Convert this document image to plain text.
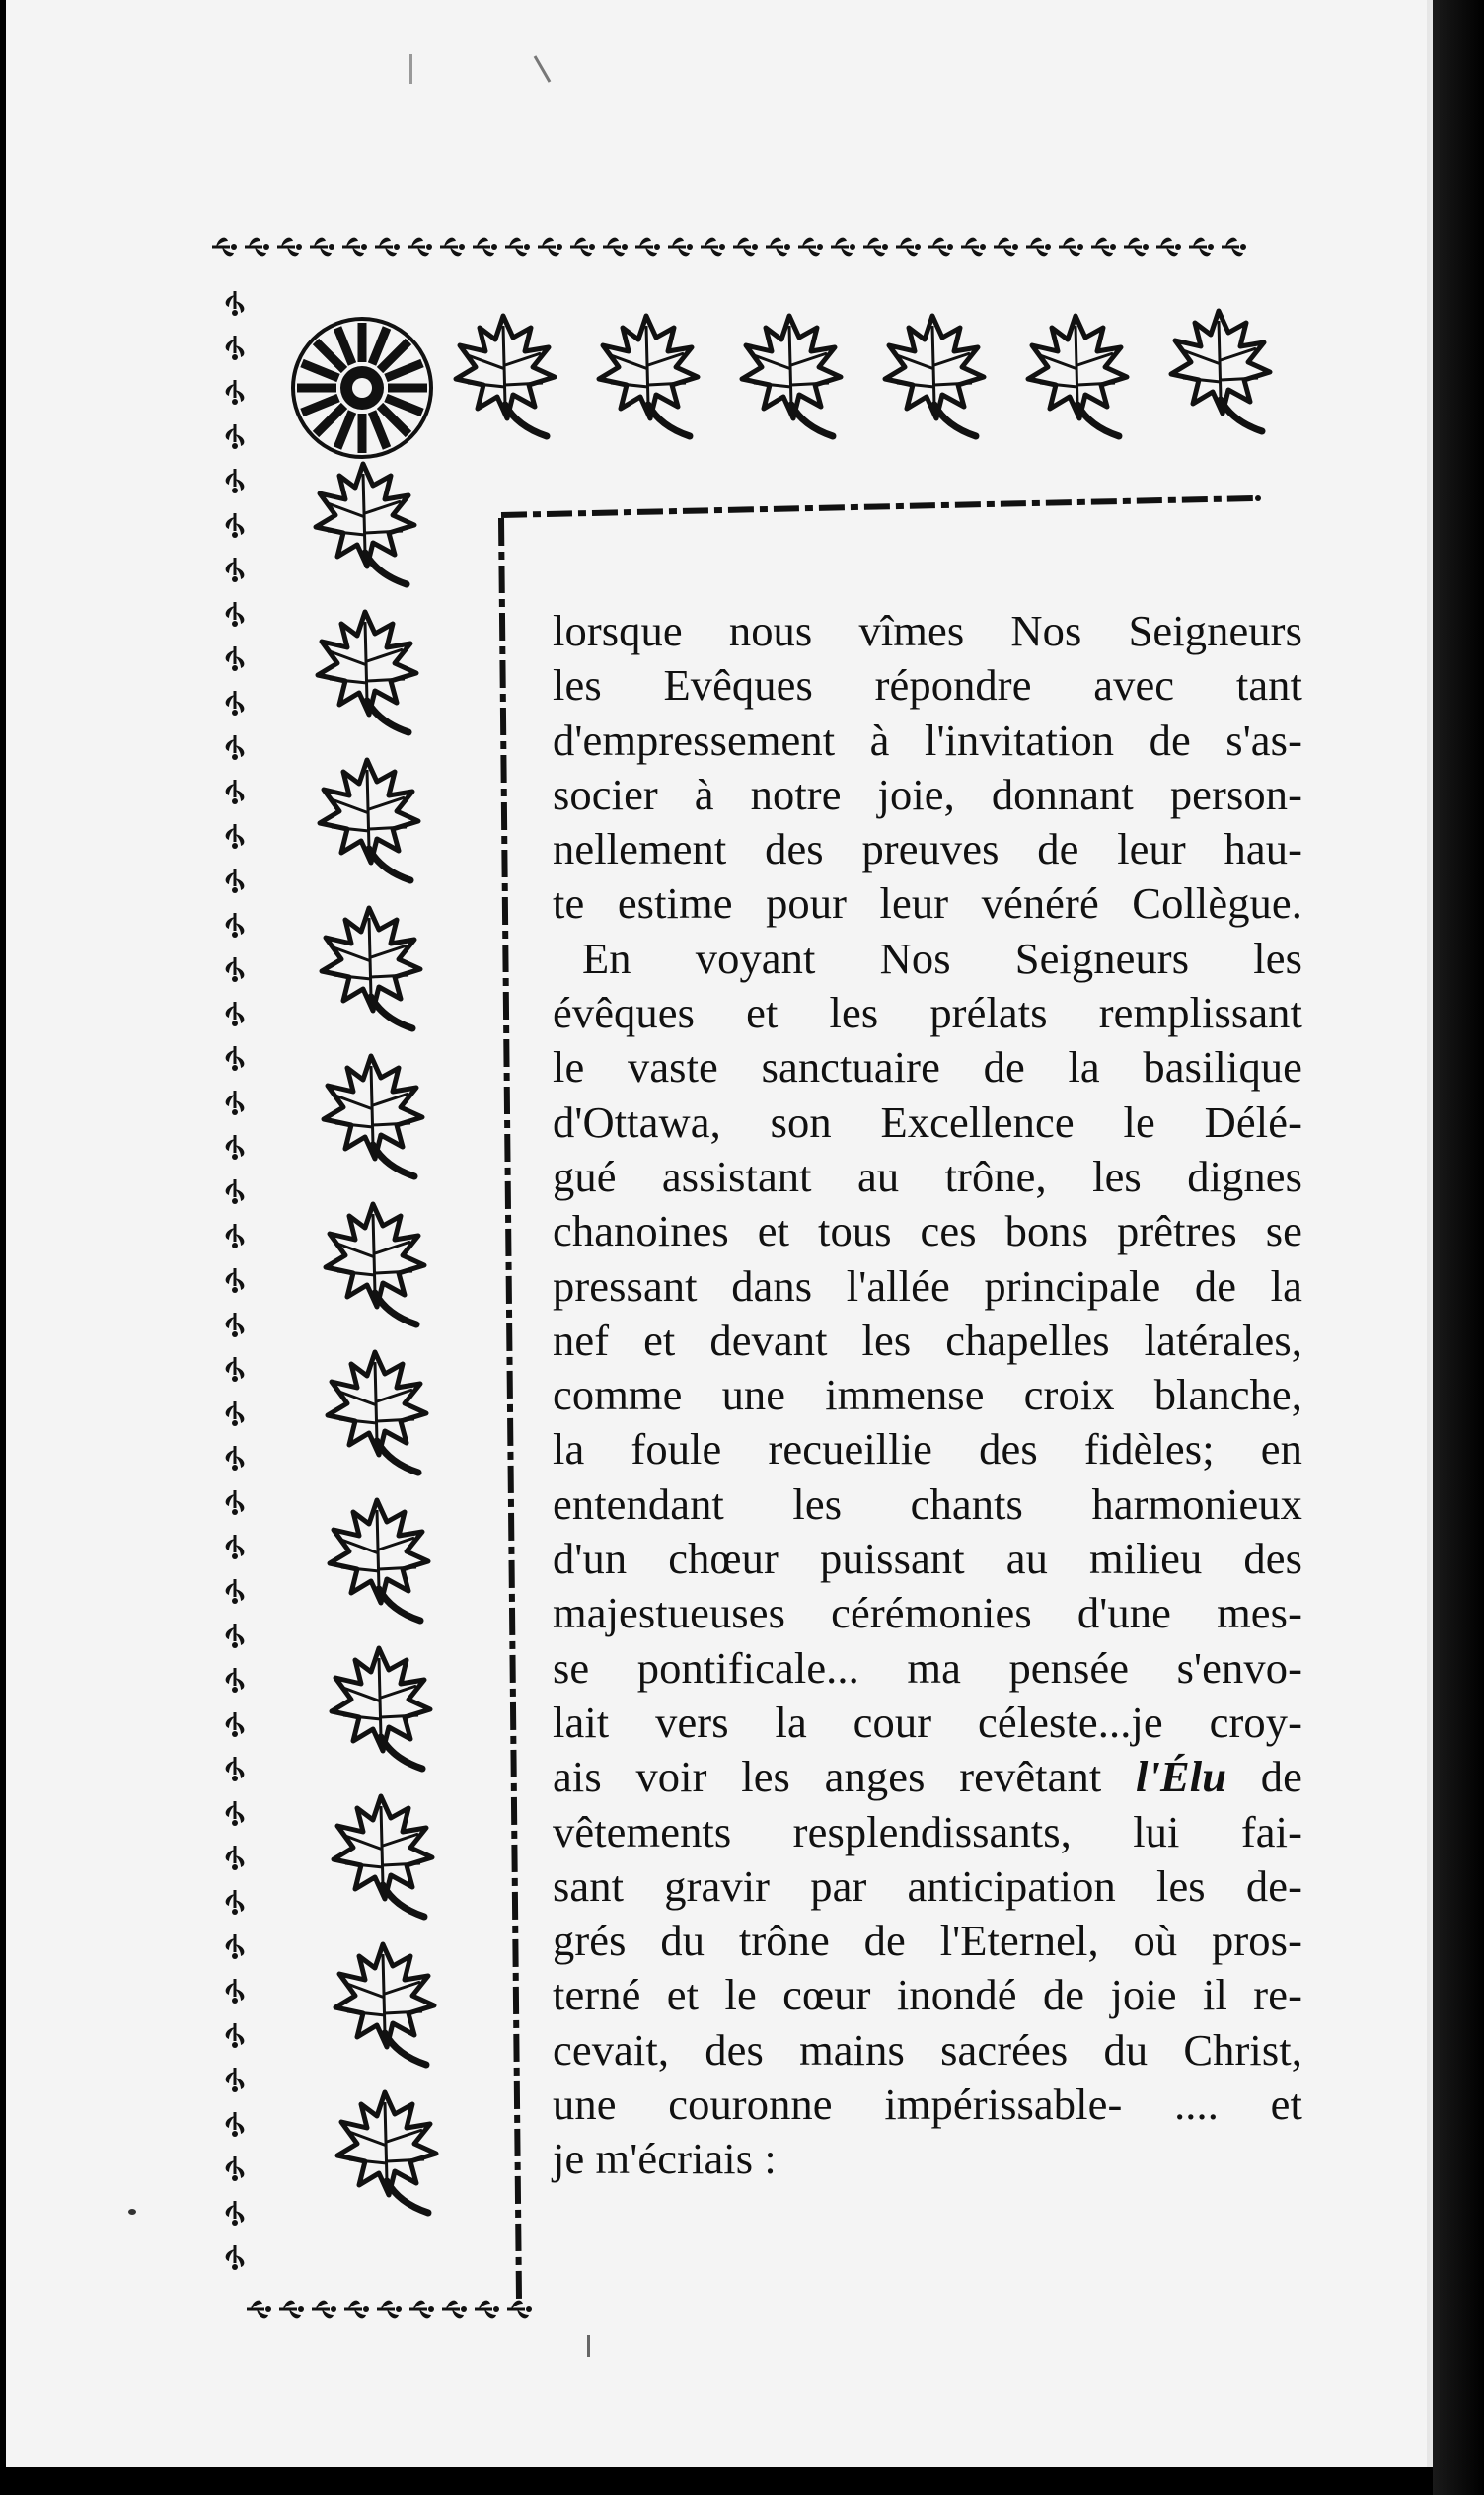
lorsque nous vîmes Nos Seigneurs
les Evêques répondre avec tant
d'empressement à l'invitation de s'as-
socier à notre joie, donnant person-
nellement des preuves de leur hau-
te estime pour leur vénéré Collègue.
En voyant Nos Seigneurs les
évêques et les prélats remplissant
le vaste sanctuaire de la basilique
d'Ottawa, son Excellence le Délé-
gué assistant au trône, les dignes
chanoines et tous ces bons prêtres se
pressant dans l'allée principale de la
nef et devant les chapelles latérales,
comme une immense croix blanche,
la foule recueillie des fidèles; en
entendant les chants harmonieux
d'un chœur puissant au milieu des
majestueuses cérémonies d'une mes-
se pontificale... ma pensée s'envo-
lait vers la cour céleste...je croy-
ais voir les anges revêtant l'Élu de
vêtements resplendissants, lui fai-
sant gravir par anticipation les de-
grés du trône de l'Eternel, où pros-
terné et le cœur inondé de joie il re-
cevait, des mains sacrées du Christ,
une couronne impérissable- .... et
je m'écriais :
